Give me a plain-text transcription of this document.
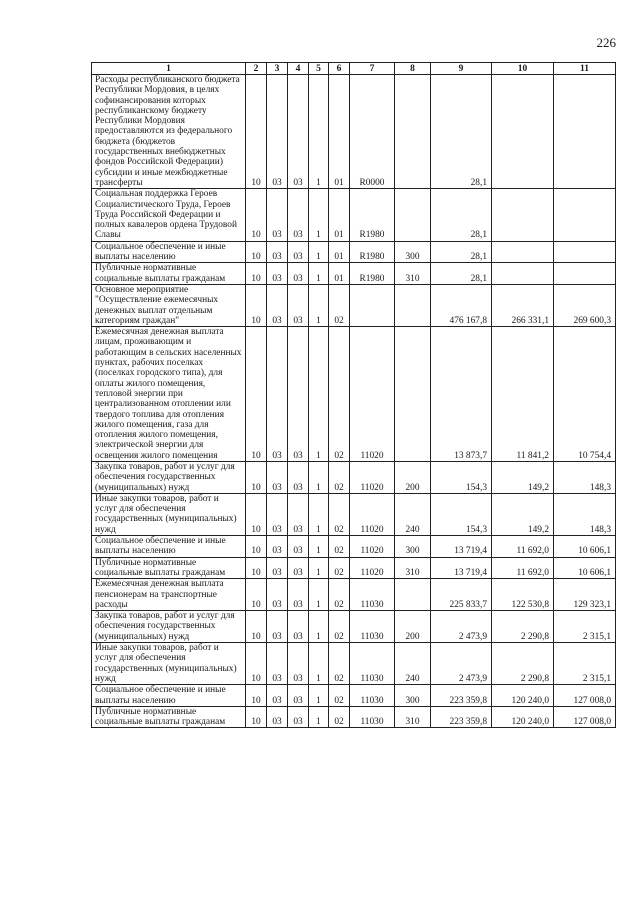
226
1	2	3	4	5	6	7	8	9	10	11
Расходы республиканского бюджета Республики Мордовия, в целях софинансирования которых республиканскому бюджету Республики Мордовия предоставляются из федерального бюджета (бюджетов государственных внебюджетных фондов Российской Федерации) субсидии и иные межбюджетные трансферты	10	03	03	1	01	R0000		28,1		
Социальная поддержка Героев Социалистического Труда, Героев Труда Российской Федерации и полных кавалеров ордена Трудовой Славы	10	03	03	1	01	R1980		28,1		
Социальное обеспечение и иные выплаты населению	10	03	03	1	01	R1980	300	28,1		
Публичные нормативные социальные выплаты гражданам	10	03	03	1	01	R1980	310	28,1		
Основное мероприятие "Осуществление ежемесячных денежных выплат отдельным категориям граждан"	10	03	03	1	02			476 167,8	266 331,1	269 600,3
Ежемесячная денежная выплата лицам, проживающим и работающим в сельских населенных пунктах, рабочих поселках (поселках городского типа), для оплаты жилого помещения, тепловой энергии при централизованном отоплении или твердого топлива для отопления жилого помещения, газа для отопления жилого помещения, электрической энергии для освещения жилого помещения	10	03	03	1	02	11020		13 873,7	11 841,2	10 754,4
Закупка товаров, работ и услуг для обеспечения государственных (муниципальных) нужд	10	03	03	1	02	11020	200	154,3	149,2	148,3
Иные закупки товаров, работ и услуг для обеспечения государственных (муниципальных) нужд	10	03	03	1	02	11020	240	154,3	149,2	148,3
Социальное обеспечение и иные выплаты населению	10	03	03	1	02	11020	300	13 719,4	11 692,0	10 606,1
Публичные нормативные социальные выплаты гражданам	10	03	03	1	02	11020	310	13 719,4	11 692,0	10 606,1
Ежемесячная денежная выплата пенсионерам на транспортные расходы	10	03	03	1	02	11030		225 833,7	122 530,8	129 323,1
Закупка товаров, работ и услуг для обеспечения государственных (муниципальных) нужд	10	03	03	1	02	11030	200	2 473,9	2 290,8	2 315,1
Иные закупки товаров, работ и услуг для обеспечения государственных (муниципальных) нужд	10	03	03	1	02	11030	240	2 473,9	2 290,8	2 315,1
Социальное обеспечение и иные выплаты населению	10	03	03	1	02	11030	300	223 359,8	120 240,0	127 008,0
Публичные нормативные социальные выплаты гражданам	10	03	03	1	02	11030	310	223 359,8	120 240,0	127 008,0
